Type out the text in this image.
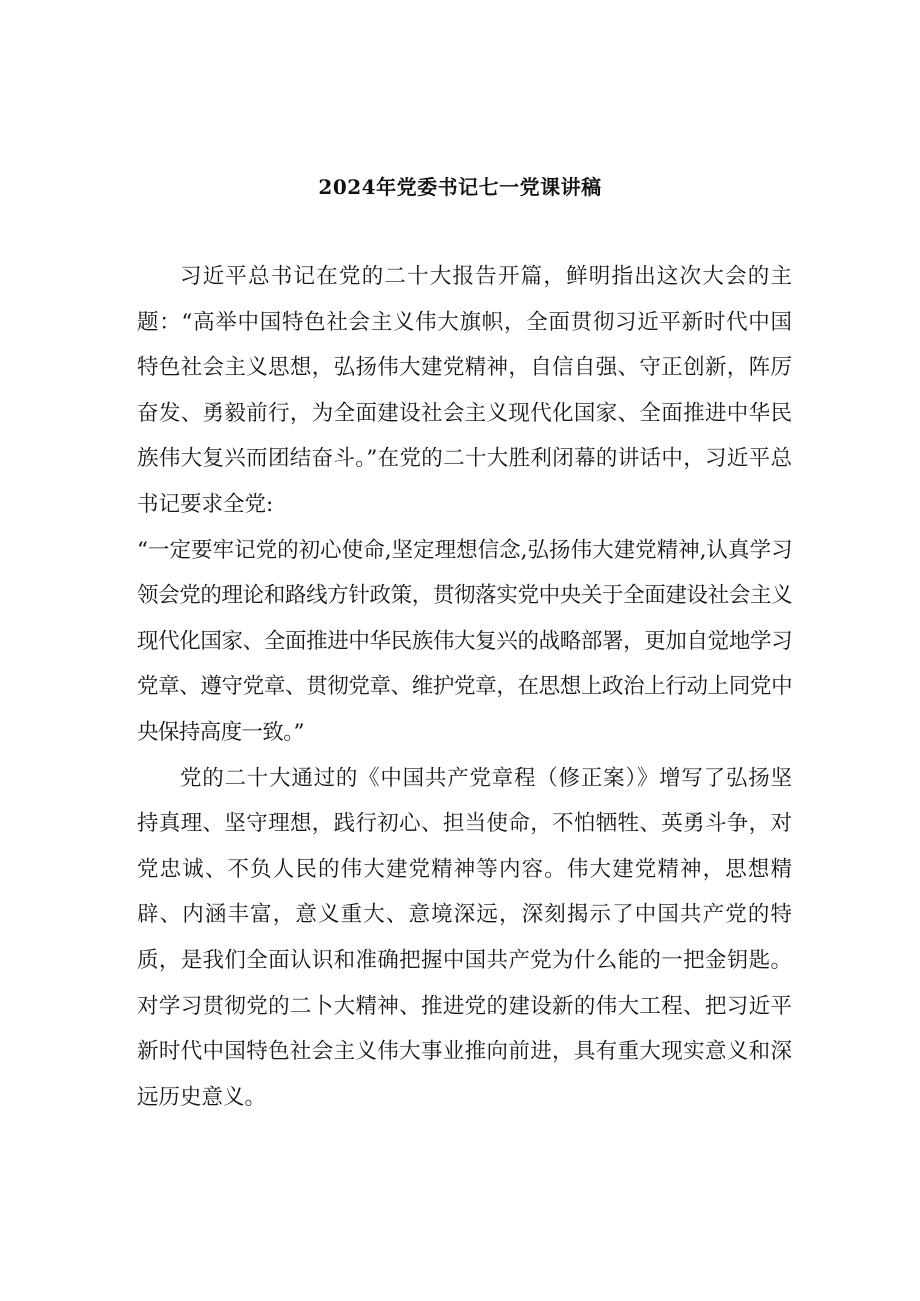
2024年党委书记七一党课讲稿

习近平总书记在党的二十大报告开篇，鲜明指出这次大会的主题：“高举中国特色社会主义伟大旗帜，全面贯彻习近平新时代中国特色社会主义思想，弘扬伟大建党精神，自信自强、守正创新，阵厉奋发、勇毅前行，为全面建设社会主义现代化国家、全面推进中华民族伟大复兴而团结奋斗。”在党的二十大胜利闭幕的讲话中，习近平总书记要求全党:

“一定要牢记党的初心使命,坚定理想信念,弘扬伟大建党精神,认真学习领会党的理论和路线方针政策，贯彻落实党中央关于全面建设社会主义现代化国家、全面推进中华民族伟大复兴的战略部署，更加自觉地学习党章、遵守党章、贯彻党章、维护党章，在思想上政治上行动上同党中央保持高度一致。”

党的二十大通过的《中国共产党章程（修正案）》增写了弘扬坚持真理、坚守理想，践行初心、担当使命，不怕牺牲、英勇斗争，对党忠诚、不负人民的伟大建党精神等内容。伟大建党精神，思想精辟、内涵丰富，意义重大、意境深远，深刻揭示了中国共产党的特质，是我们全面认识和准确把握中国共产党为什么能的一把金钥匙。对学习贯彻党的二卜大精神、推进党的建设新的伟大工程、把习近平新时代中国特色社会主义伟大事业推向前进，具有重大现实意义和深远历史意义。
